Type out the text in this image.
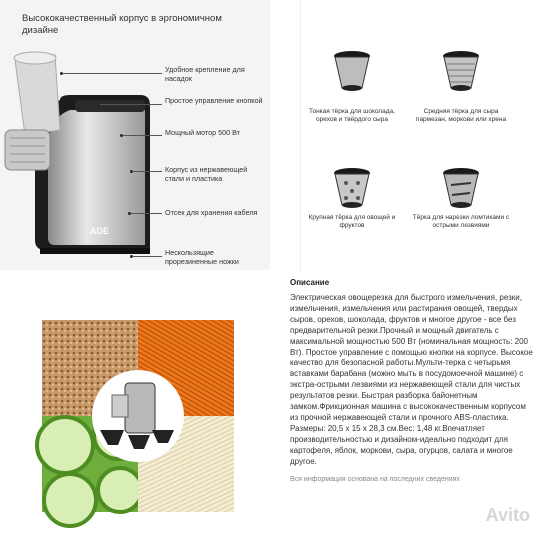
Высококачественный корпус в эргономичном дизайне
ADE
Удобное крепление для насадок
Простое управление кнопкой
Мощный мотор 500 Вт
Корпус из нержавеющей стали и пластика
Отсек для хранения кабеля
Нескользящие прорезиненные ножки
Тонкая тёрка для шоколада, орехов и твёрдого сыра
Средняя тёрка для сыра пармезан, моркови или хрена
Крупная тёрка для овощей и фруктов
Тёрка для нарезки ломтиками с острыми лезвиями
Описание
Электрическая овощерезка для быстрого измельчения, резки, измельчения, измельчения или растирания овощей, твердых сыров, орехов, шоколада, фруктов и многое другое - все без предварительной резки.Прочный и мощный двигатель с максимальной мощностью 500 Вт (номинальная мощность: 200 Вт). Простое управление с помощью кнопки на корпусе. Высокое качество для безопасной работы.Мульти-терка с четырьмя вставками барабана (можно мыть в посудомоечной машине) с экстра-острыми лезвиями из нержавеющей стали для чистых результатов резки. Быстрая разборка байонетным замком.Фрикционная машина с высококачественным корпусом из прочной нержавеющей стали и прочного ABS-пластика. Размеры: 20,5 x 15 x 28,3 см.Вес: 1,48 кг.Впечатляет производительностью и дизайном-идеально подходит для картофеля, яблок, моркови, сыра, огурцов, салата и многое другое.
Вся информация основана на последних сведениях
Avito
